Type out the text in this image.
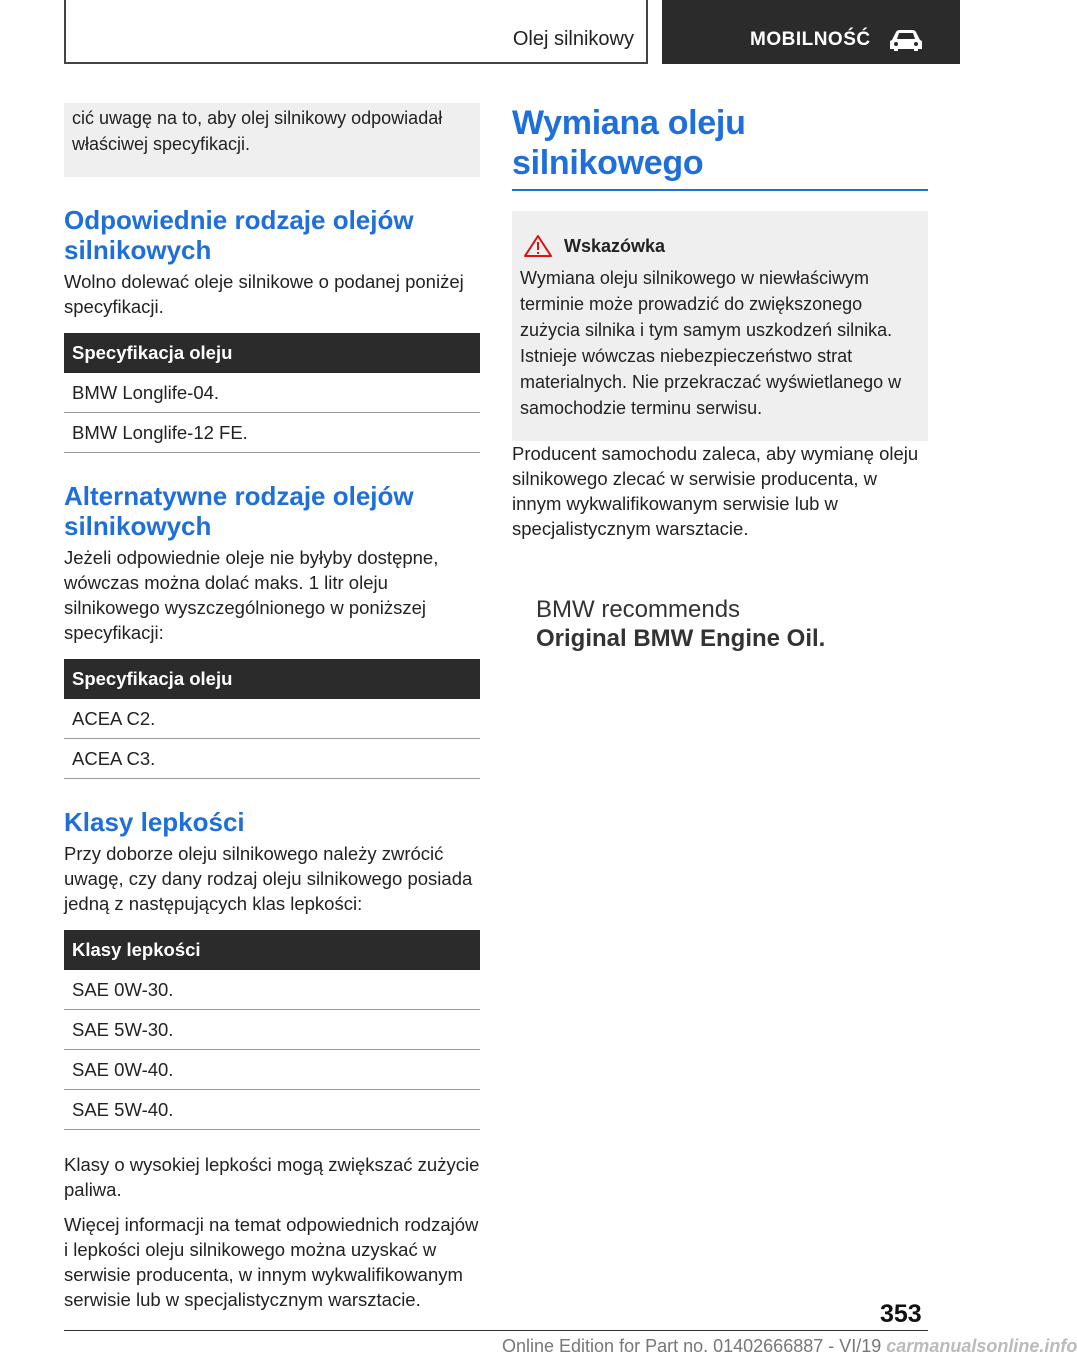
Olej silnikowy	MOBILNOŚĆ
cić uwagę na to, aby olej silnikowy odpowiadał właściwej specyfikacji.
Odpowiednie rodzaje olejów silnikowych

Wolno dolewać oleje silnikowe o podanej poniżej specyfikacji.

Specyfikacja oleju
BMW Longlife-04.
BMW Longlife-12 FE.
Alternatywne rodzaje olejów silnikowych

Jeżeli odpowiednie oleje nie byłyby dostępne, wówczas można dolać maks. 1 litr oleju silnikowego wyszczególnionego w poniższej specyfikacji:

Specyfikacja oleju
ACEA C2.
ACEA C3.
Klasy lepkości

Przy doborze oleju silnikowego należy zwrócić uwagę, czy dany rodzaj oleju silnikowego posiada jedną z następujących klas lepkości:

Klasy lepkości
SAE 0W-30.
SAE 5W-30.
SAE 0W-40.
SAE 5W-40.

Klasy o wysokiej lepkości mogą zwiększać zużycie paliwa.

Więcej informacji na temat odpowiednich rodzajów i lepkości oleju silnikowego można uzyskać w serwisie producenta, w innym wykwalifikowanym serwisie lub w specjalistycznym warsztacie.

Wymiana oleju silnikowego
Wskazówka
Wymiana oleju silnikowego w niewłaściwym terminie może prowadzić do zwiększonego zużycia silnika i tym samym uszkodzeń silnika. Istnieje wówczas niebezpieczeństwo strat materialnych. Nie przekraczać wyświetlanego w samochodzie terminu serwisu.

Producent samochodu zaleca, aby wymianę oleju silnikowego zlecać w serwisie producenta, w innym wykwalifikowanym serwisie lub w specjalistycznym warsztacie.

BMW recommends
Original BMW Engine Oil.
353
Online Edition for Part no. 01402666887 - VI/19 carmanualsonline.info
